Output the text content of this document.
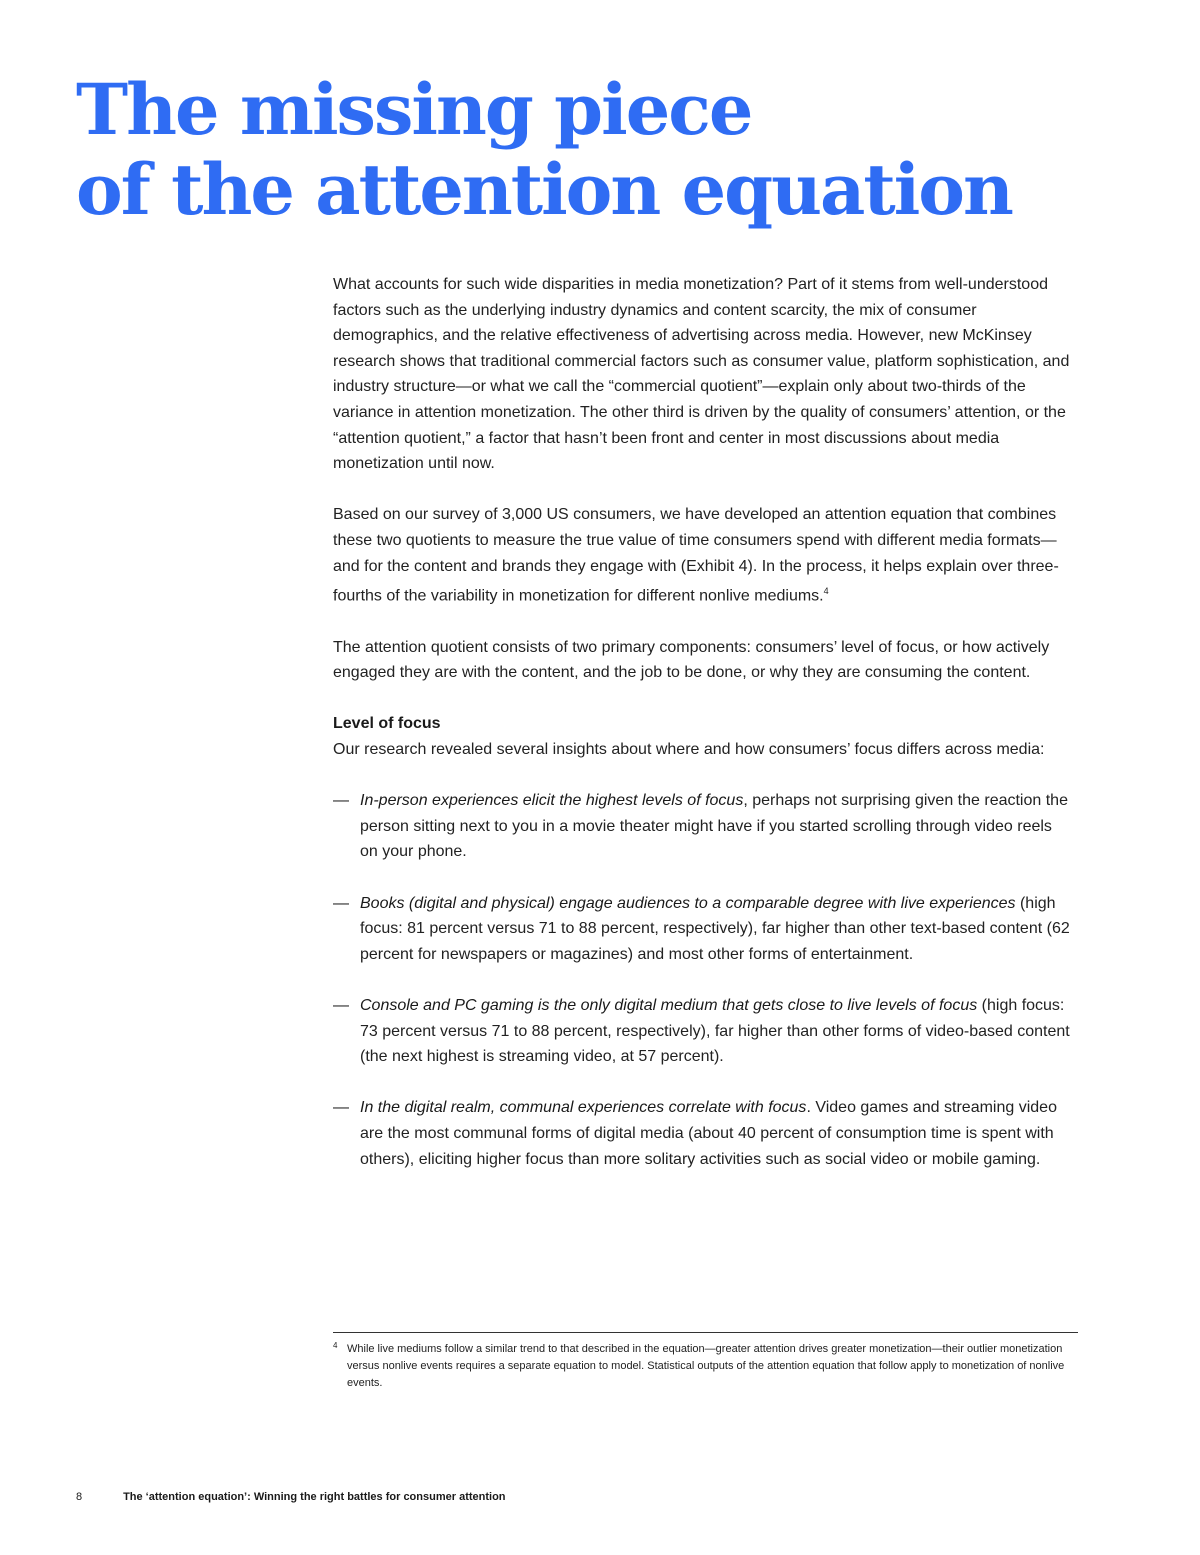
The missing piece
of the attention equation

What accounts for such wide disparities in media monetization? Part of it stems from well-understood factors such as the underlying industry dynamics and content scarcity, the mix of consumer demographics, and the relative effectiveness of advertising across media. However, new McKinsey research shows that traditional commercial factors such as consumer value, platform sophistication, and industry structure—or what we call the “commercial quotient”—explain only about two-thirds of the variance in attention monetization. The other third is driven by the quality of consumers’ attention, or the “attention quotient,” a factor that hasn’t been front and center in most discussions about media monetization until now.

Based on our survey of 3,000 US consumers, we have developed an attention equation that combines these two quotients to measure the true value of time consumers spend with different media formats—and for the content and brands they engage with (Exhibit 4). In the process, it helps explain over three-fourths of the variability in monetization for different nonlive mediums.$^4$

The attention quotient consists of two primary components: consumers’ level of focus, or how actively engaged they are with the content, and the job to be done, or why they are consuming the content.

Level of focus

Our research revealed several insights about where and how consumers’ focus differs across media:

— In-person experiences elicit the highest levels of focus, perhaps not surprising given the reaction the person sitting next to you in a movie theater might have if you started scrolling through video reels on your phone.
— Books (digital and physical) engage audiences to a comparable degree with live experiences (high focus: 81 percent versus 71 to 88 percent, respectively), far higher than other text-based content (62 percent for newspapers or magazines) and most other forms of entertainment.
— Console and PC gaming is the only digital medium that gets close to live levels of focus (high focus: 73 percent versus 71 to 88 percent, respectively), far higher than other forms of video-based content (the next highest is streaming video, at 57 percent).
— In the digital realm, communal experiences correlate with focus. Video games and streaming video are the most communal forms of digital media (about 40 percent of consumption time is spent with others), eliciting higher focus than more solitary activities such as social video or mobile gaming.
4 While live mediums follow a similar trend to that described in the equation—greater attention drives greater monetization—their outlier monetization versus nonlive events requires a separate equation to model. Statistical outputs of the attention equation that follow apply to monetization of nonlive events.
8	The ‘attention equation’: Winning the right battles for consumer attention
